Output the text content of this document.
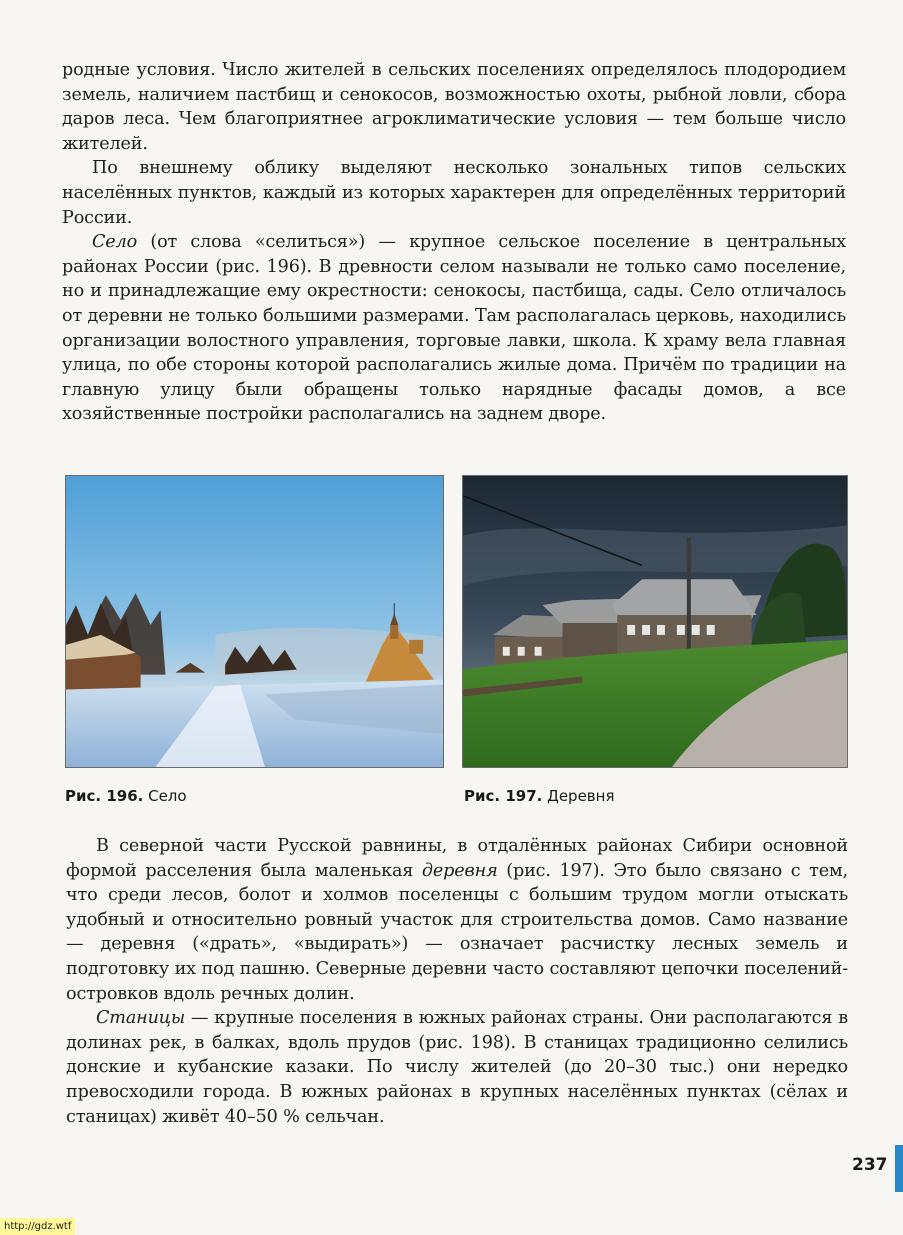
родные условия. Число жителей в сельских поселениях определялось плодородием земель, наличием пастбищ и сенокосов, возможностью охоты, рыбной ловли, сбора даров леса. Чем благоприятнее агроклиматические условия — тем больше число жителей.

По внешнему облику выделяют несколько зональных типов сельских населённых пунктов, каждый из которых характерен для определённых территорий России.

Село (от слова «селиться») — крупное сельское поселение в центральных районах России (рис. 196). В древности селом называли не только само поселение, но и принадлежащие ему окрестности: сенокосы, пастбища, сады. Село отличалось от деревни не только большими размерами. Там располагалась церковь, находились организации волостного управления, торговые лавки, школа. К храму вела главная улица, по обе стороны которой располагались жилые дома. Причём по традиции на главную улицу были обращены только нарядные фасады домов, а все хозяйственные постройки располагались на заднем дворе.

Рис. 196. Село	Рис. 197. Деревня

В северной части Русской равнины, в отдалённых районах Сибири основной формой расселения была маленькая деревня (рис. 197). Это было связано с тем, что среди лесов, болот и холмов поселенцы с большим трудом могли отыскать удобный и относительно ровный участок для строительства домов. Само название — деревня («драть», «выдирать») — означает расчистку лесных земель и подготовку их под пашню. Северные деревни часто составляют цепочки поселений-островков вдоль речных долин.

Станицы — крупные поселения в южных районах страны. Они располагаются в долинах рек, в балках, вдоль прудов (рис. 198). В станицах традиционно селились донские и кубанские казаки. По числу жителей (до 20–30 тыс.) они нередко превосходили города. В южных районах в крупных населённых пунктах (сёлах и станицах) живёт 40–50 % сельчан.

237
http://gdz.wtf
